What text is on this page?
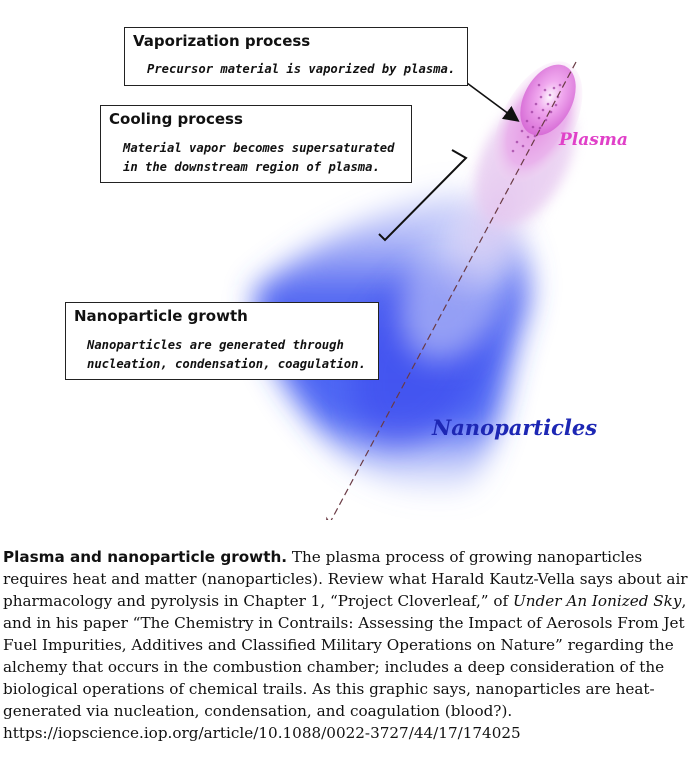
Plasma
Nanoparticles
Vaporization process
Precursor material is vaporized by plasma.
Cooling process
Material vapor becomes supersaturated
in the downstream region of plasma.
Nanoparticle growth
Nanoparticles are generated through
nucleation, condensation, coagulation.
Plasma and nanoparticle growth. The plasma process of growing nanoparticles requires heat and matter (nanoparticles). Review what Harald Kautz-Vella says about air pharmacology and pyrolysis in Chapter 1, “Project Cloverleaf,” of Under An Ionized Sky, and in his paper “The Chemistry in Contrails: Assessing the Impact of Aerosols From Jet Fuel Impurities, Additives and Classified Military Operations on Nature” regarding the alchemy that occurs in the combustion chamber; includes a deep consideration of the biological operations of chemical trails. As this graphic says, nanoparticles are heat-generated via nucleation, condensation, and coagulation (blood?). https://iopscience.iop.org/article/10.1088/0022-3727/44/17/174025
